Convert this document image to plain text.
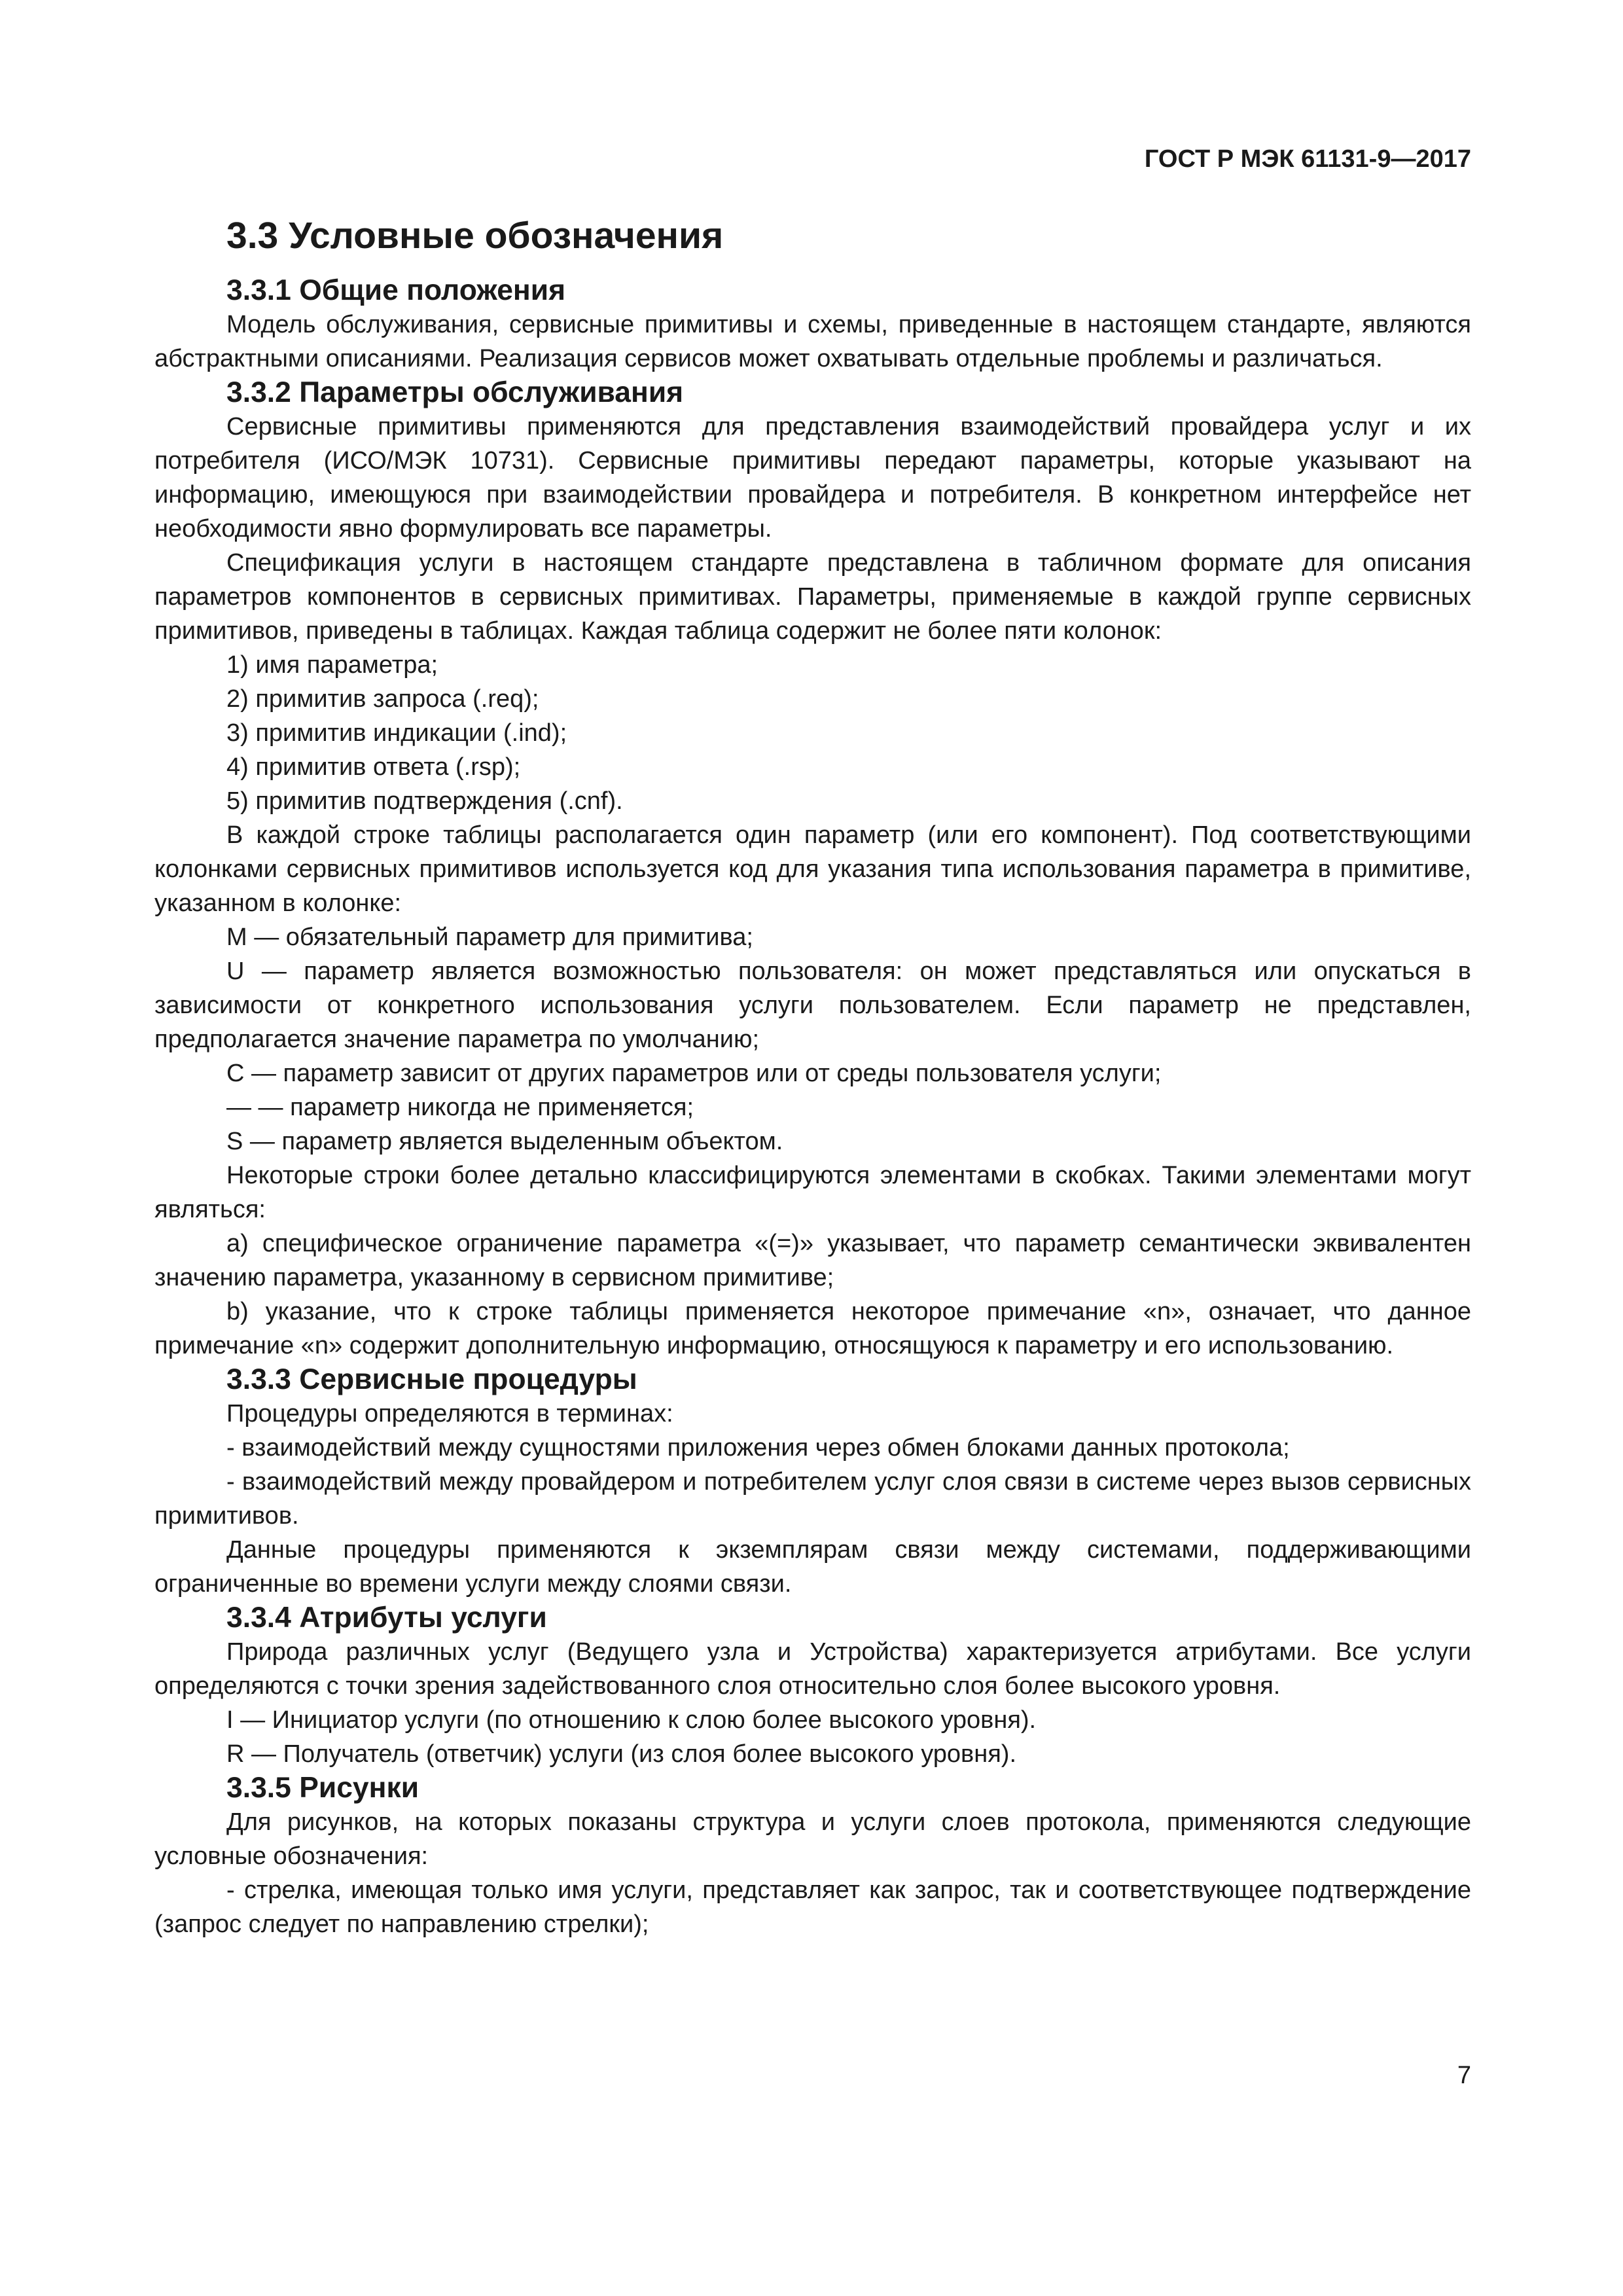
ГОСТ Р МЭК 61131-9—2017
3.3 Условные обозначения
3.3.1 Общие положения

Модель обслуживания, сервисные примитивы и схемы, приведенные в настоящем стандарте, являются абстрактными описаниями. Реализация сервисов может охватывать отдельные проблемы и различаться.

3.3.2 Параметры обслуживания

Сервисные примитивы применяются для представления взаимодействий провайдера услуг и их потребителя (ИСО/МЭК 10731). Сервисные примитивы передают параметры, которые указывают на информацию, имеющуюся при взаимодействии провайдера и потребителя. В конкретном интерфейсе нет необходимости явно формулировать все параметры.

Спецификация услуги в настоящем стандарте представлена в табличном формате для описания параметров компонентов в сервисных примитивах. Параметры, применяемые в каждой группе сервисных примитивов, приведены в таблицах. Каждая таблица содержит не более пяти колонок:

1) имя параметра;

2) примитив запроса (.req);

3) примитив индикации (.ind);

4) примитив ответа (.rsp);

5) примитив подтверждения (.cnf).

В каждой строке таблицы располагается один параметр (или его компонент). Под соответствующими колонками сервисных примитивов используется код для указания типа использования параметра в примитиве, указанном в колонке:

M — обязательный параметр для примитива;

U — параметр является возможностью пользователя: он может представляться или опускаться в зависимости от конкретного использования услуги пользователем. Если параметр не представлен, предполагается значение параметра по умолчанию;

C — параметр зависит от других параметров или от среды пользователя услуги;

— — параметр никогда не применяется;

S — параметр является выделенным объектом.

Некоторые строки более детально классифицируются элементами в скобках. Такими элементами могут являться:

a) специфическое ограничение параметра «(=)» указывает, что параметр семантически эквивалентен значению параметра, указанному в сервисном примитиве;

b) указание, что к строке таблицы применяется некоторое примечание «n», означает, что данное примечание «n» содержит дополнительную информацию, относящуюся к параметру и его использованию.

3.3.3 Сервисные процедуры

Процедуры определяются в терминах:

- взаимодействий между сущностями приложения через обмен блоками данных протокола;

- взаимодействий между провайдером и потребителем услуг слоя связи в системе через вызов сервисных примитивов.

Данные процедуры применяются к экземплярам связи между системами, поддерживающими ограниченные во времени услуги между слоями связи.

3.3.4 Атрибуты услуги

Природа различных услуг (Ведущего узла и Устройства) характеризуется атрибутами. Все услуги определяются с точки зрения задействованного слоя относительно слоя более высокого уровня.

I — Инициатор услуги (по отношению к слою более высокого уровня).

R — Получатель (ответчик) услуги (из слоя более высокого уровня).

3.3.5 Рисунки

Для рисунков, на которых показаны структура и услуги слоев протокола, применяются следующие условные обозначения:

- стрелка, имеющая только имя услуги, представляет как запрос, так и соответствующее подтверждение (запрос следует по направлению стрелки);

7
